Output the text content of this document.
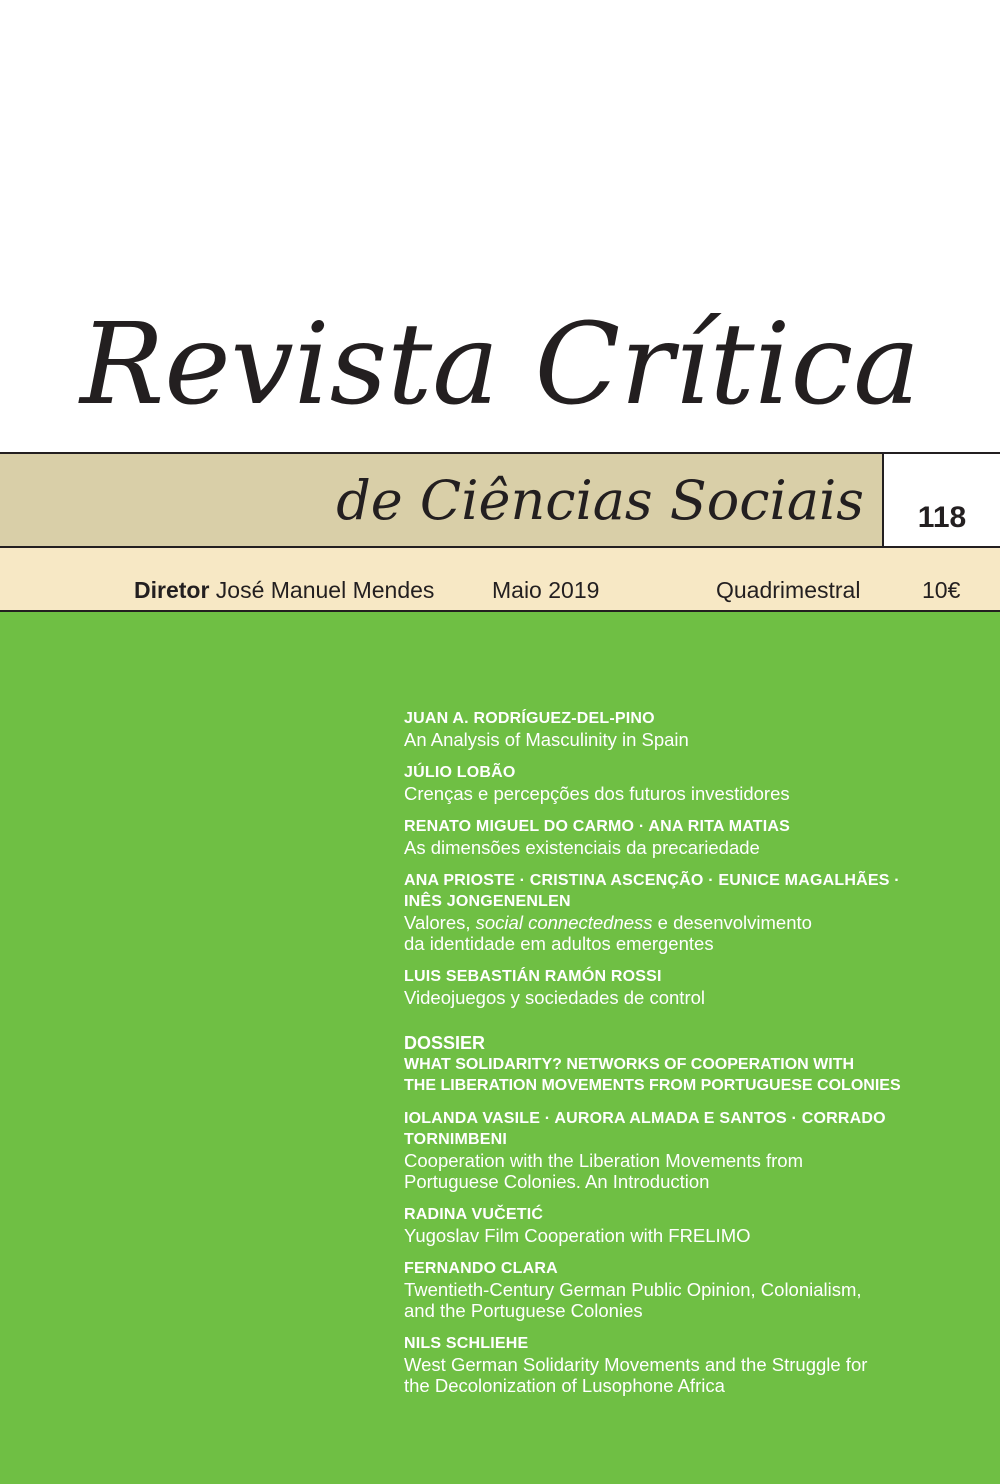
Revista Crítica
de Ciências Sociais	118
Diretor José Manuel Mendes	Maio 2019	Quadrimestral	10€
JUAN A. RODRÍGUEZ-DEL-PINO
An Analysis of Masculinity in Spain
JÚLIO LOBÃO
Crenças e percepções dos futuros investidores
RENATO MIGUEL DO CARMO · ANA RITA MATIAS
As dimensões existenciais da precariedade
ANA PRIOSTE · CRISTINA ASCENÇÃO · EUNICE MAGALHÃES ·
INÊS JONGENENLEN
Valores, social connectedness e desenvolvimento
da identidade em adultos emergentes
LUIS SEBASTIÁN RAMÓN ROSSI
Videojuegos y sociedades de control
DOSSIER
WHAT SOLIDARITY? NETWORKS OF COOPERATION WITH
THE LIBERATION MOVEMENTS FROM PORTUGUESE COLONIES
IOLANDA VASILE · AURORA ALMADA E SANTOS · CORRADO
TORNIMBENI
Cooperation with the Liberation Movements from
Portuguese Colonies. An Introduction
RADINA VUČETIĆ
Yugoslav Film Cooperation with FRELIMO
FERNANDO CLARA
Twentieth-Century German Public Opinion, Colonialism,
and the Portuguese Colonies
NILS SCHLIEHE
West German Solidarity Movements and the Struggle for
the Decolonization of Lusophone Africa
